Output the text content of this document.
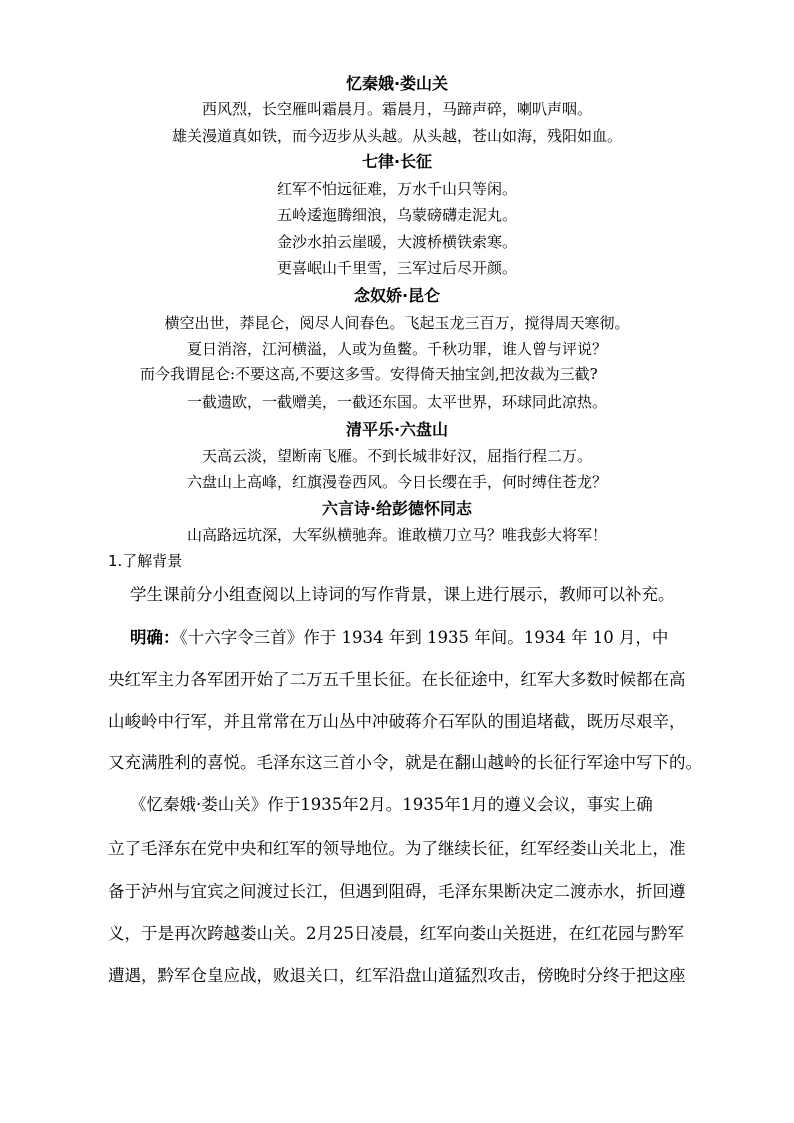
忆秦娥·娄山关
西风烈，长空雁叫霜晨月。霜晨月，马蹄声碎，喇叭声咽。
雄关漫道真如铁，而今迈步从头越。从头越，苍山如海，残阳如血。
七律·长征
红军不怕远征难，万水千山只等闲。
五岭逶迤腾细浪，乌蒙磅礴走泥丸。
金沙水拍云崖暖，大渡桥横铁索寒。
更喜岷山千里雪，三军过后尽开颜。
念奴娇·昆仑
横空出世，莽昆仑，阅尽人间春色。飞起玉龙三百万，搅得周天寒彻。
夏日消溶，江河横溢，人或为鱼鳖。千秋功罪，谁人曾与评说？
而今我谓昆仑:不要这高,不要这多雪。安得倚天抽宝剑,把汝裁为三截?
一截遗欧，一截赠美，一截还东国。太平世界，环球同此凉热。
清平乐·六盘山
天高云淡，望断南飞雁。不到长城非好汉，屈指行程二万。
六盘山上高峰，红旗漫卷西风。今日长缨在手，何时缚住苍龙？
六言诗·给彭德怀同志
山高路远坑深，大军纵横驰奔。谁敢横刀立马？唯我彭大将军！
1.了解背景
学生课前分小组查阅以上诗词的写作背景，课上进行展示，教师可以补充。
明确：《十六字令三首》作于 1934 年到 1935 年间。1934 年 10 月，中
央红军主力各军团开始了二万五千里长征。在长征途中，红军大多数时候都在高
山峻岭中行军，并且常常在万山丛中冲破蒋介石军队的围追堵截，既历尽艰辛，
又充满胜利的喜悦。毛泽东这三首小令，就是在翻山越岭的长征行军途中写下的。
《忆秦娥·娄山关》作于1935年2月。1935年1月的遵义会议，事实上确
立了毛泽东在党中央和红军的领导地位。为了继续长征，红军经娄山关北上，准
备于泸州与宜宾之间渡过长江，但遇到阻碍，毛泽东果断决定二渡赤水，折回遵
义，于是再次跨越娄山关。2月25日凌晨，红军向娄山关挺进，在红花园与黔军
遭遇，黔军仓皇应战，败退关口，红军沿盘山道猛烈攻击，傍晚时分终于把这座
